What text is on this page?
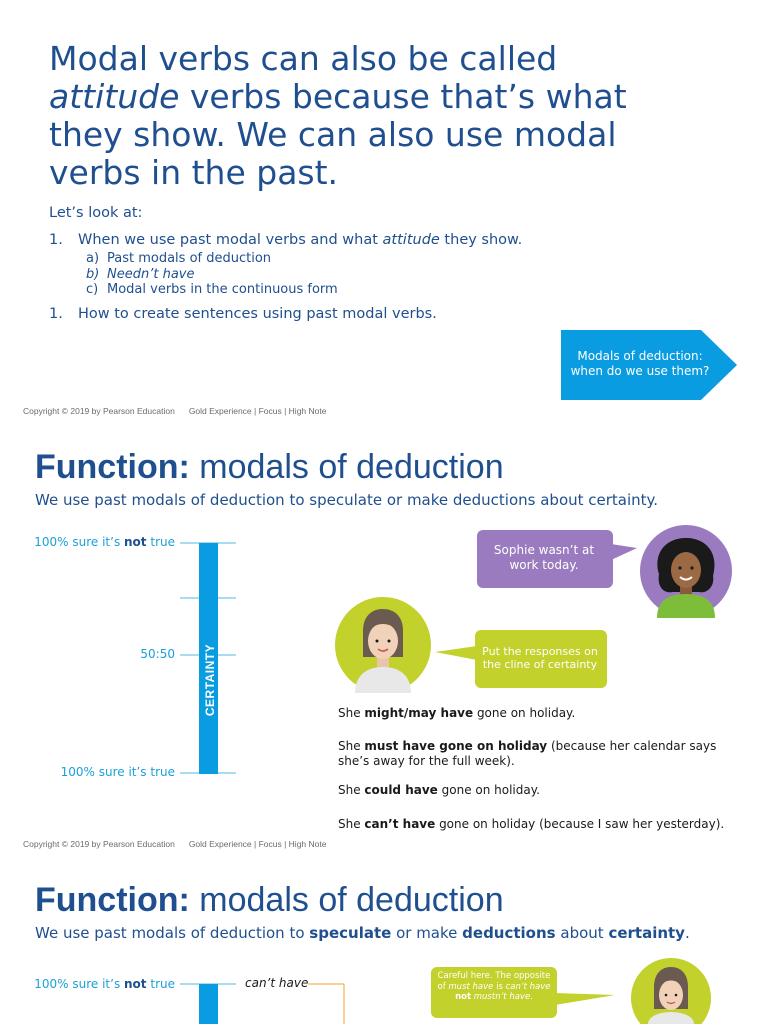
Modal verbs can also be called
attitude verbs because that’s what they show. We can also use modal verbs in the past.
Let’s look at:
1. When we use past modal verbs and what attitude they show.
a) Past modals of deduction
b) Needn’t have
c) Modal verbs in the continuous form
1. How to create sentences using past modal verbs.
Modals of deduction:
when do we use them?
Copyright © 2019 by Pearson Education Gold Experience | Focus | High Note
Function: modals of deduction
We use past modals of deduction to speculate or make deductions about certainty.
CERTAINTY
100% sure it’s not true
50:50
100% sure it’s true
Sophie wasn’t at work today.
Put the responses on the cline of certainty
She might/may have gone on holiday.
She must have gone on holiday (because her calendar says she’s away for the full week).
She could have gone on holiday.
She can’t have gone on holiday (because I saw her yesterday).
Copyright © 2019 by Pearson Education Gold Experience | Focus | High Note
Function: modals of deduction
We use past modals of deduction to speculate or make deductions about certainty.
100% sure it’s not true	can’t have	Careful here. The opposite of must have is can’t have not mustn’t have.
